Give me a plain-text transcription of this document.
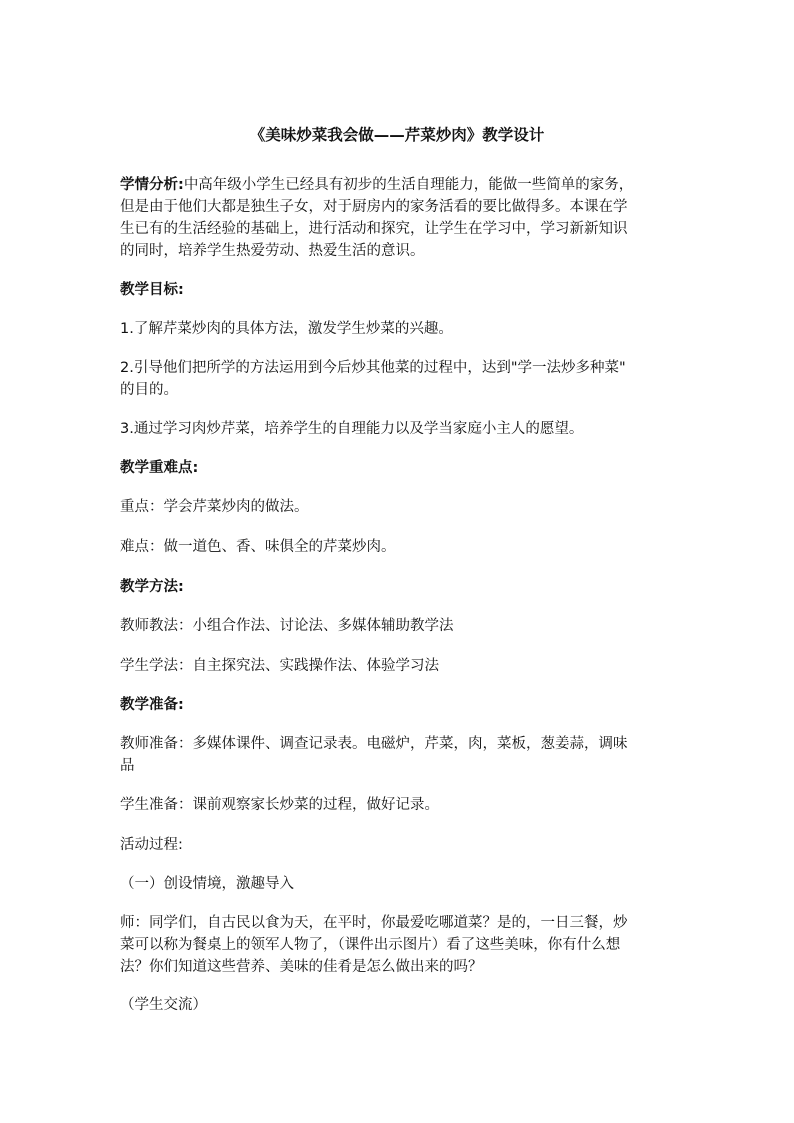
《美味炒菜我会做——芹菜炒肉》教学设计
学情分析:中高年级小学生已经具有初步的生活自理能力，能做一些简单的家务，
但是由于他们大都是独生子女，对于厨房内的家务活看的要比做得多。本课在学
生已有的生活经验的基础上，进行活动和探究，让学生在学习中，学习新新知识
的同时，培养学生热爱劳动、热爱生活的意识。
教学目标:
1.了解芹菜炒肉的具体方法，激发学生炒菜的兴趣。
2.引导他们把所学的方法运用到今后炒其他菜的过程中，达到"学一法炒多种菜"
的目的。
3.通过学习肉炒芹菜，培养学生的自理能力以及学当家庭小主人的愿望。
教学重难点:
重点：学会芹菜炒肉的做法。
难点：做一道色、香、味俱全的芹菜炒肉。
教学方法:
教师教法：小组合作法、讨论法、多媒体辅助教学法
学生学法：自主探究法、实践操作法、体验学习法
教学准备:
教师准备：多媒体课件、调查记录表。电磁炉，芹菜，肉，菜板，葱姜蒜，调味
品
学生准备：课前观察家长炒菜的过程，做好记录。
活动过程:
（一）创设情境，激趣导入
师：同学们，自古民以食为天，在平时，你最爱吃哪道菜？是的，一日三餐，炒
菜可以称为餐桌上的领军人物了，（课件出示图片）看了这些美味，你有什么想
法？你们知道这些营养、美味的佳肴是怎么做出来的吗？
（学生交流）
